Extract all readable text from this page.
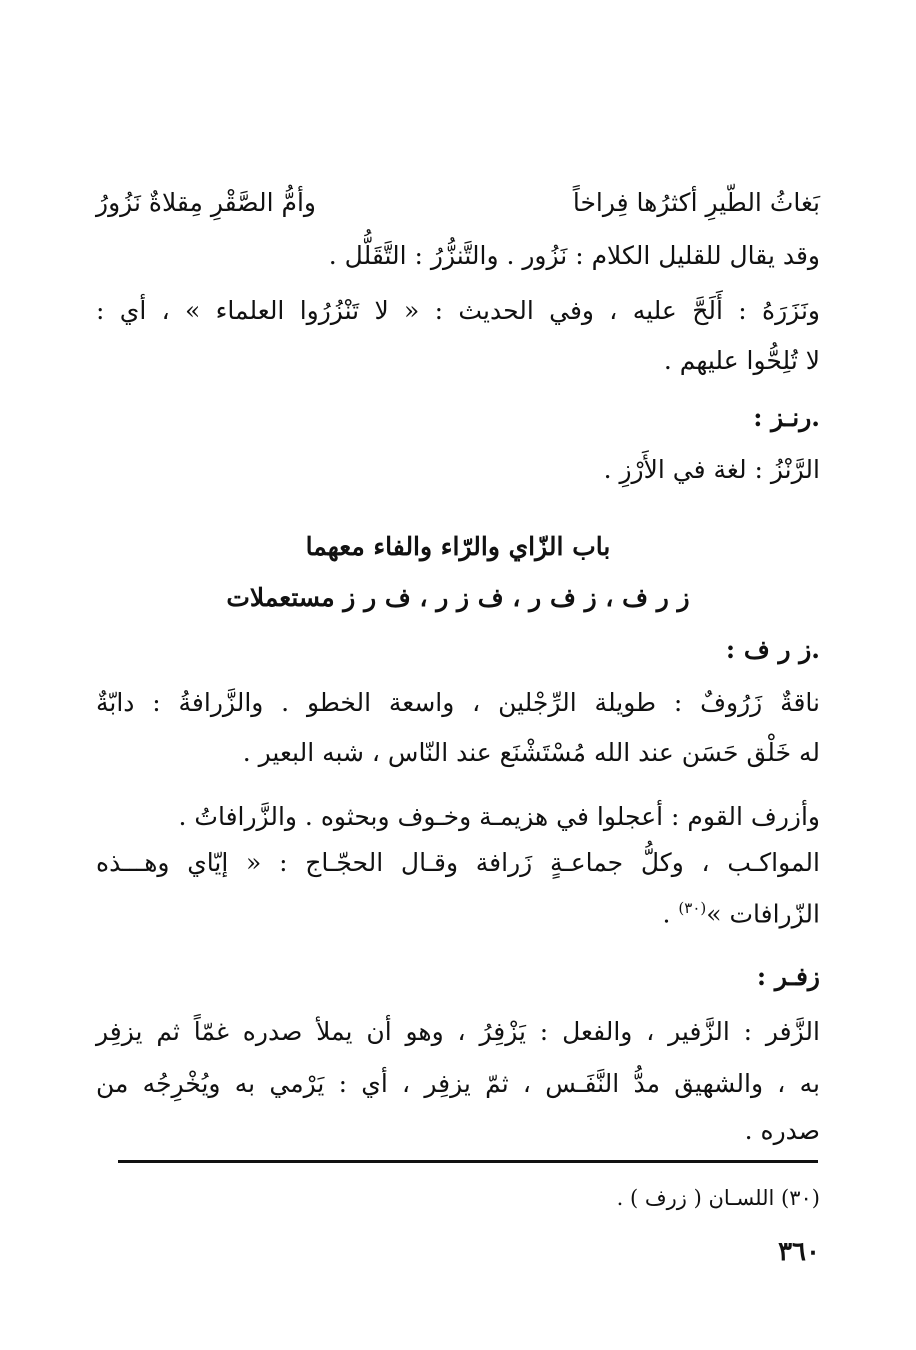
بَغاثُ الطّيرِ أكثرُها فِراخاً
وأمُّ الصَّقْرِ مِقلاةٌ نَزُورُ
وقد يقال للقليل الكلام : نَزُور . والتَّنزُّرُ : التَّقَلُّل .
ونَزَرَهُ : أَلَحَّ عليه ، وفي الحديث : « لا تَنْزُرُوا العلماء » ، أي :
لا تُلِحُّوا عليهم .
.رنـز :
الرَّنْزُ : لغة في الأَرْزِ .
باب الزّاي والرّاء والفاء معهما
ز ر ف ، ز ف ر ، ف ز ر ، ف ر ز مستعملات
.ز ر ف :
ناقةٌ زَرُوفٌ : طويلة الرِّجْلين ، واسعة الخطو . والزَّرافةُ : دابّةٌ
له خَلْق حَسَن عند الله مُسْتَشْنَع عند النّاس ، شبه البعير .
وأزرف القوم : أعجلوا في هزيمـة وخـوف وبحثوه . والزَّرافاتُ .
المواكـب ، وكلُّ جماعـةٍ زَرافة وقـال الحجّـاج : « إيّاي وهـــذه
الزّرافات »$^{(٣٠)}$ .
زفـر :
الزَّفر : الزَّفير ، والفعل : يَزْفِرُ ، وهو أن يملأ صدره غمّاً ثم يزفِر
به ، والشهيق مدُّ النَّفَـس ، ثمّ يزفِر ، أي : يَرْمي به ويُخْرِجُه من
صدره .
(٣٠) اللسـان ( زرف ) .
٣٦٠
